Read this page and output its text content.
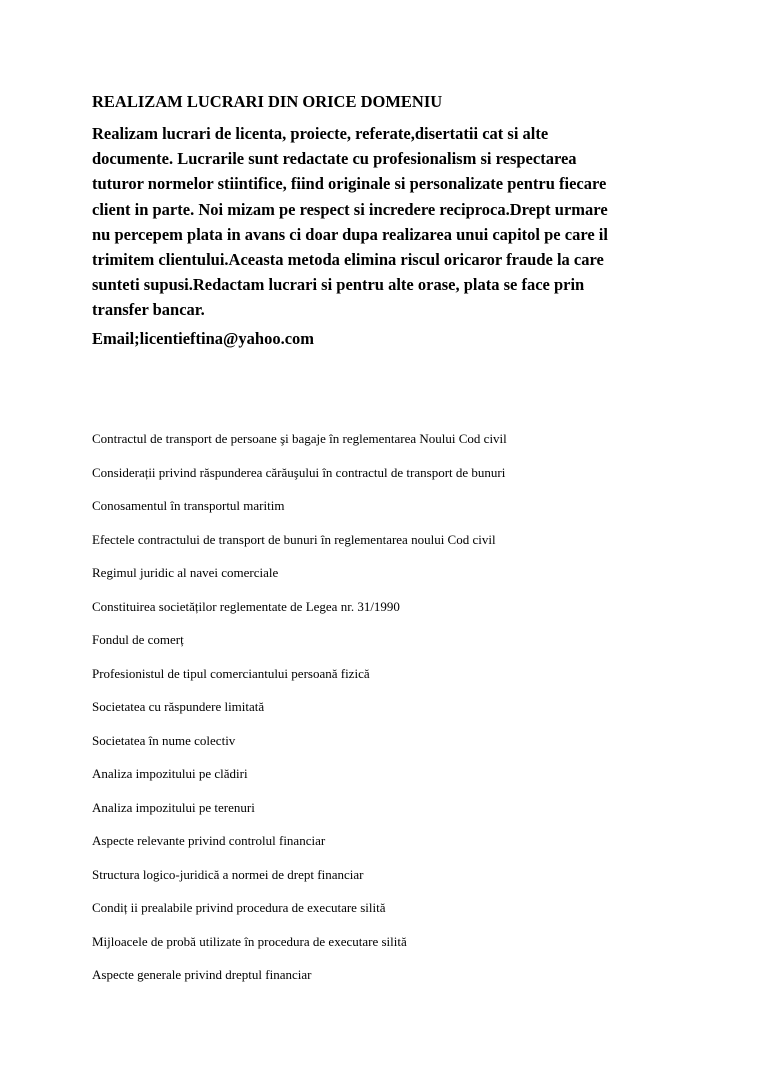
REALIZAM LUCRARI DIN ORICE DOMENIU

Realizam lucrari de licenta, proiecte, referate,disertatii cat si alte
documente. Lucrarile sunt redactate cu profesionalism si respectarea
tuturor normelor stiintifice, fiind originale si personalizate pentru fiecare
client in parte. Noi mizam pe respect si incredere reciproca.Drept urmare
nu percepem plata in avans ci doar dupa realizarea unui capitol pe care il
trimitem clientului.Aceasta metoda elimina riscul oricaror fraude la care
sunteti supusi.Redactam lucrari si pentru alte orase, plata se face prin
transfer bancar.

Email;licentieftina@yahoo.com
Contractul de transport de persoane şi bagaje în reglementarea Noului Cod civil
Considerații privind răspunderea cărăuşului în contractul de transport de bunuri
Conosamentul în transportul maritim
Efectele contractului de transport de bunuri în reglementarea noului Cod civil
Regimul juridic al navei comerciale
Constituirea societăților reglementate de Legea nr. 31/1990
Fondul de comerț
Profesionistul de tipul comerciantului persoană fizică
Societatea cu răspundere limitată
Societatea în nume colectiv
Analiza impozitului pe clădiri
Analiza impozitului pe terenuri
Aspecte relevante privind controlul financiar
Structura logico-juridică a normei de drept financiar
Condiț ii prealabile privind procedura de executare silită
Mijloacele de probă utilizate în procedura de executare silită
Aspecte generale privind dreptul financiar
